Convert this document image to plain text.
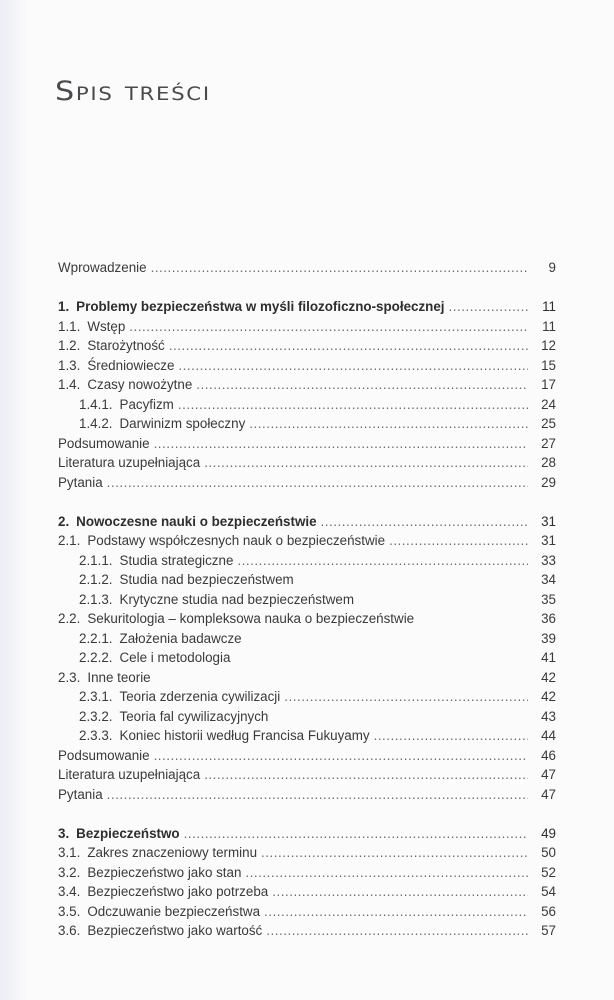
Spis treści
Wprowadzenie . . .	9
1. Problemy bezpieczeństwa w myśli filozoficzno-społecznej . . .	11
1.1. Wstęp . . .	11
1.2. Starożytność . . .	12
1.3. Średniowiecze . . .	15
1.4. Czasy nowożytne . . .	17
1.4.1. Pacyfizm . . .	24
1.4.2. Darwinizm społeczny . . .	25
Podsumowanie . . .	27
Literatura uzupełniająca . . .	28
Pytania . . .	29
2. Nowoczesne nauki o bezpieczeństwie . . .	31
2.1. Podstawy współczesnych nauk o bezpieczeństwie . . .	31
2.1.1. Studia strategiczne . . .	33
2.1.2. Studia nad bezpieczeństwem	34
2.1.3. Krytyczne studia nad bezpieczeństwem	35
2.2. Sekuritologia – kompleksowa nauka o bezpieczeństwie	36
2.2.1. Założenia badawcze	39
2.2.2. Cele i metodologia	41
2.3. Inne teorie	42
2.3.1. Teoria zderzenia cywilizacji . . .	42
2.3.2. Teoria fal cywilizacyjnych	43
2.3.3. Koniec historii według Francisa Fukuyamy . . .	44
Podsumowanie . . .	46
Literatura uzupełniająca . . .	47
Pytania . . .	47
3. Bezpieczeństwo . . .	49
3.1. Zakres znaczeniowy terminu . . .	50
3.2. Bezpieczeństwo jako stan . . .	52
3.4. Bezpieczeństwo jako potrzeba . . .	54
3.5. Odczuwanie bezpieczeństwa . . .	56
3.6. Bezpieczeństwo jako wartość . . .	57
